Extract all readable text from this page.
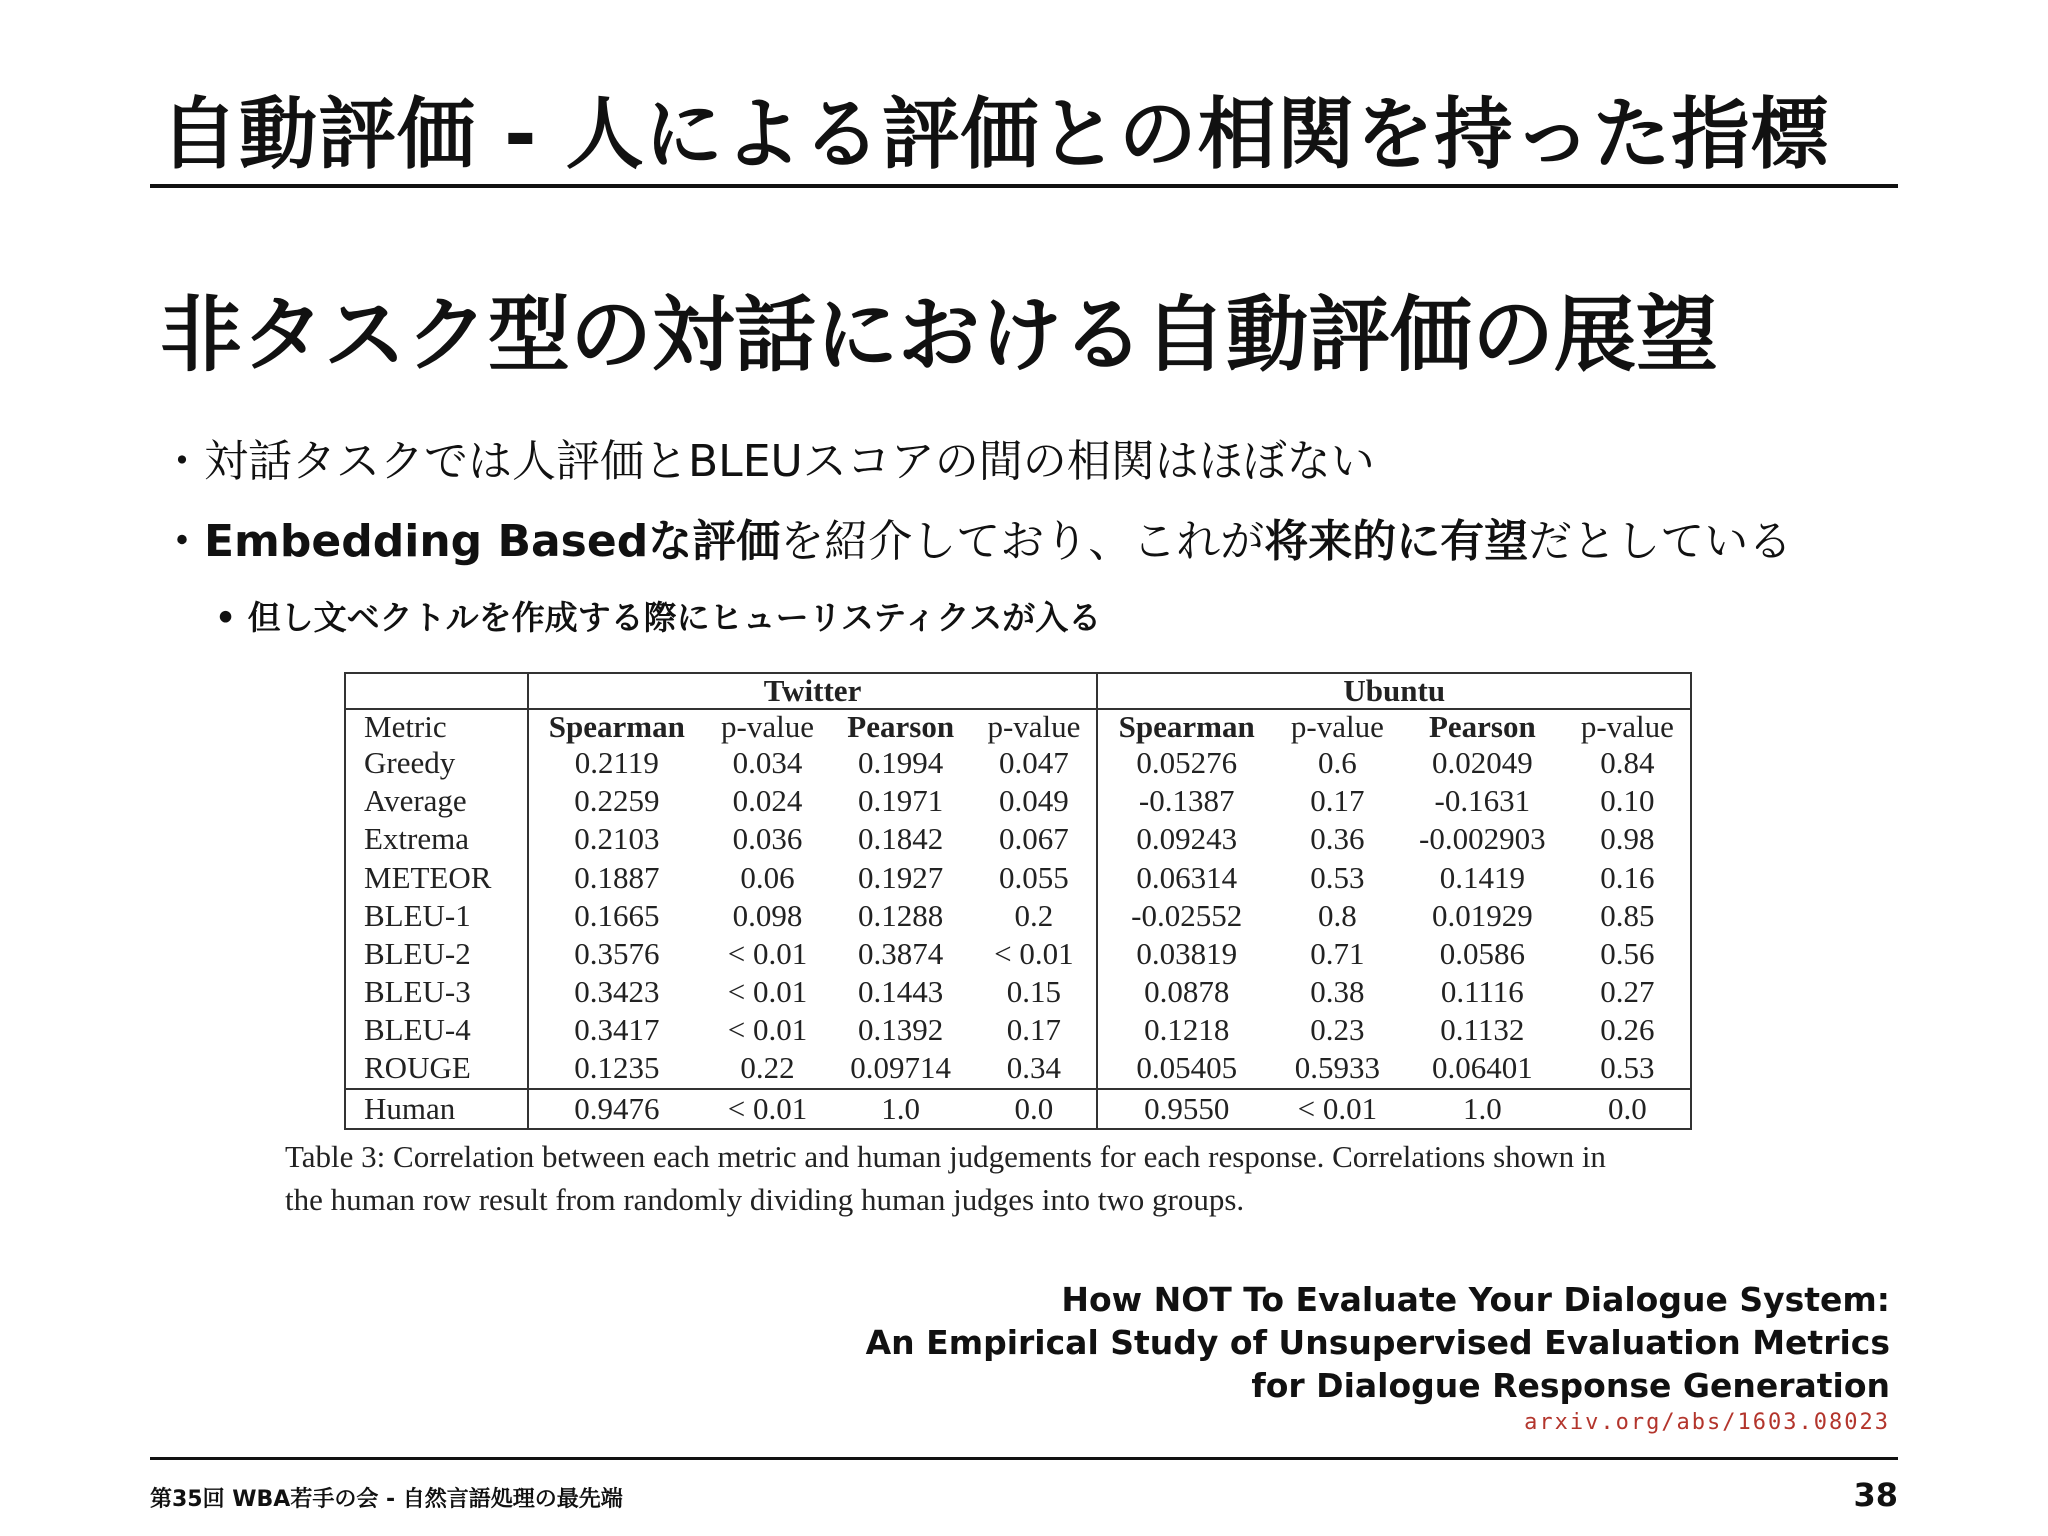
自動評価 - 人による評価との相関を持った指標
非タスク型の対話における自動評価の展望
・対話タスクでは人評価とBLEUスコアの間の相関はほぼない
・Embedding Basedな評価を紹介しており、これが将来的に有望だとしている
• 但し文ベクトルを作成する際にヒューリスティクスが入る
	Twitter				Ubuntu			
Metric	Spearman	p-value	Pearson	p-value	Spearman	p-value	Pearson	p-value
Greedy	0.2119	0.034	0.1994	0.047	0.05276	0.6	0.02049	0.84
Average	0.2259	0.024	0.1971	0.049	-0.1387	0.17	-0.1631	0.10
Extrema	0.2103	0.036	0.1842	0.067	0.09243	0.36	-0.002903	0.98
METEOR	0.1887	0.06	0.1927	0.055	0.06314	0.53	0.1419	0.16
BLEU-1	0.1665	0.098	0.1288	0.2	-0.02552	0.8	0.01929	0.85
BLEU-2	0.3576	< 0.01	0.3874	< 0.01	0.03819	0.71	0.0586	0.56
BLEU-3	0.3423	< 0.01	0.1443	0.15	0.0878	0.38	0.1116	0.27
BLEU-4	0.3417	< 0.01	0.1392	0.17	0.1218	0.23	0.1132	0.26
ROUGE	0.1235	0.22	0.09714	0.34	0.05405	0.5933	0.06401	0.53
Human	0.9476	< 0.01	1.0	0.0	0.9550	< 0.01	1.0	0.0
Table 3: Correlation between each metric and human judgements for each response. Correlations shown in
the human row result from randomly dividing human judges into two groups.
How NOT To Evaluate Your Dialogue System:
An Empirical Study of Unsupervised Evaluation Metrics
for Dialogue Response Generation
arxiv.org/abs/1603.08023
第35回 WBA若手の会 - 自然言語処理の最先端	38
